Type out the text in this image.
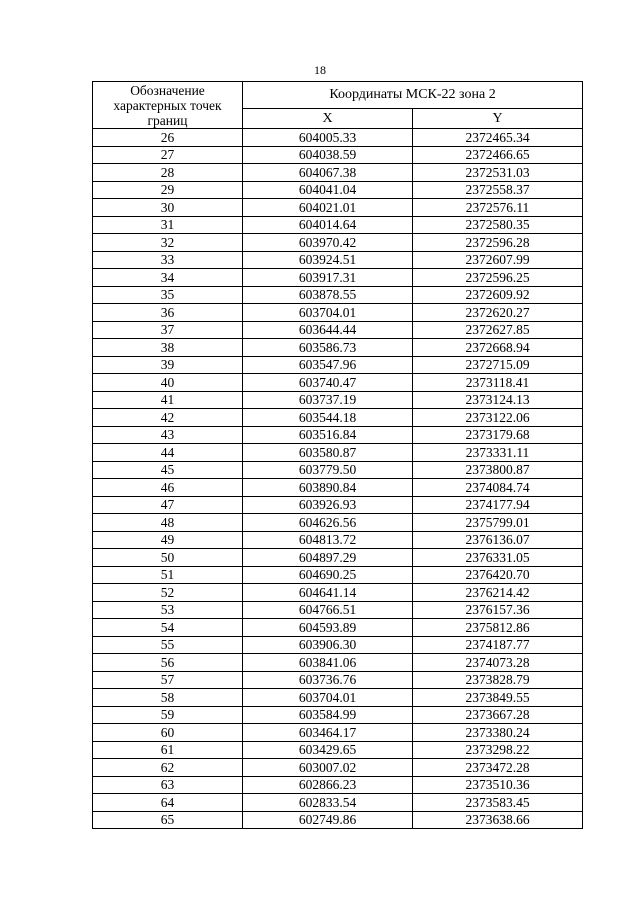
18
Обозначение характерных точек границ	Координаты МСК-22 зона 2	
	X	Y
26	604005.33	2372465.34
27	604038.59	2372466.65
28	604067.38	2372531.03
29	604041.04	2372558.37
30	604021.01	2372576.11
31	604014.64	2372580.35
32	603970.42	2372596.28
33	603924.51	2372607.99
34	603917.31	2372596.25
35	603878.55	2372609.92
36	603704.01	2372620.27
37	603644.44	2372627.85
38	603586.73	2372668.94
39	603547.96	2372715.09
40	603740.47	2373118.41
41	603737.19	2373124.13
42	603544.18	2373122.06
43	603516.84	2373179.68
44	603580.87	2373331.11
45	603779.50	2373800.87
46	603890.84	2374084.74
47	603926.93	2374177.94
48	604626.56	2375799.01
49	604813.72	2376136.07
50	604897.29	2376331.05
51	604690.25	2376420.70
52	604641.14	2376214.42
53	604766.51	2376157.36
54	604593.89	2375812.86
55	603906.30	2374187.77
56	603841.06	2374073.28
57	603736.76	2373828.79
58	603704.01	2373849.55
59	603584.99	2373667.28
60	603464.17	2373380.24
61	603429.65	2373298.22
62	603007.02	2373472.28
63	602866.23	2373510.36
64	602833.54	2373583.45
65	602749.86	2373638.66
